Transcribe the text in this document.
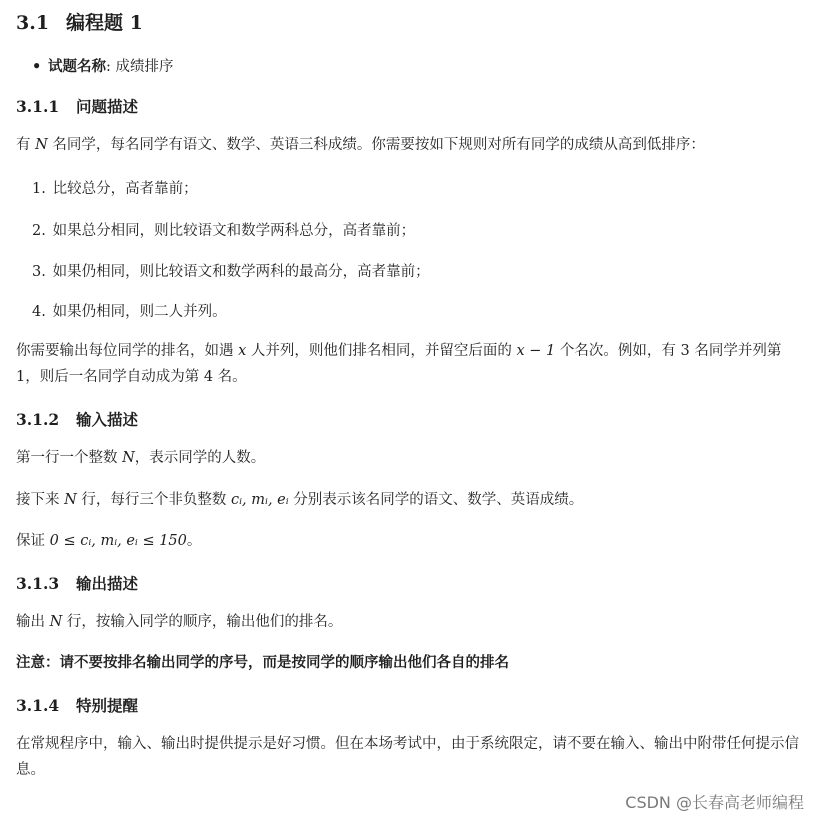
3.1 编程题 1
• 试题名称: 成绩排序
3.1.1 问题描述
有 N 名同学，每名同学有语文、数学、英语三科成绩。你需要按如下规则对所有同学的成绩从高到低排序：
1. 比较总分，高者靠前；
2. 如果总分相同，则比较语文和数学两科总分，高者靠前；
3. 如果仍相同，则比较语文和数学两科的最高分，高者靠前；
4. 如果仍相同，则二人并列。
你需要输出每位同学的排名，如遇 x 人并列，则他们排名相同，并留空后面的 x − 1 个名次。例如，有 3 名同学并列第 1，则后一名同学自动成为第 4 名。
3.1.2 输入描述
第一行一个整数 N，表示同学的人数。
接下来 N 行，每行三个非负整数 cᵢ, mᵢ, eᵢ 分别表示该名同学的语文、数学、英语成绩。
保证 0 ≤ cᵢ, mᵢ, eᵢ ≤ 150。
3.1.3 输出描述
输出 N 行，按输入同学的顺序，输出他们的排名。
注意：请不要按排名输出同学的序号，而是按同学的顺序输出他们各自的排名
3.1.4 特别提醒
在常规程序中，输入、输出时提供提示是好习惯。但在本场考试中，由于系统限定，请不要在输入、输出中附带任何提示信息。
CSDN @长春高老师编程
